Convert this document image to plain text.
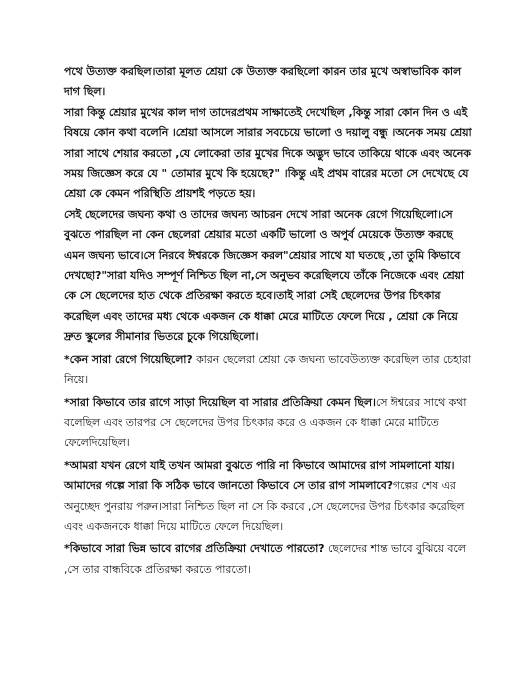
পথে উত্যক্ত করছিল।তারা মূলত শ্রেয়া কে উত্যক্ত করছিলো কারন তার মুখে অস্বাভাবিক কাল দাগ ছিল।

সারা কিন্তু শ্রেয়ার মুখের কাল দাগ তাদেরপ্রথম সাক্ষাতেই দেখেছিল ,কিন্তু সারা কোন দিন ও এই বিষয়ে কোন কথা বলেনি ।শ্রেয়া আসলে সারার সবচেয়ে ভালো ও দয়ালু বন্ধু ।অনেক সময় শ্রেয়া সারা সাথে শেয়ার করতো ,যে লোকেরা তার মুখের দিকে অদ্ভুদ ভাবে তাকিয়ে থাকে এবং অনেক সময় জিজ্ঞেস করে যে " তোমার মুখে কি হয়েছে?" ।কিন্তু এই প্রথম বারের মতো সে দেখেছে যে শ্রেয়া কে কেমন পরিস্থিতি প্রায়শই পড়তে হয়।

সেই ছেলেদের জঘন্য কথা ও তাদের জঘন্য আচরন দেখে সারা অনেক রেগে গিয়েছিলো।সে বুঝতে পারছিল না কেন ছেলেরা শ্রেয়ার মতো একটি ভালো ও অপুর্ব মেয়েকে উত্যক্ত করছে এমন জঘন্য ভাবে।সে নিরবে ঈশ্বরকে জিজ্ঞেস করল"শ্রেয়ার সাথে যা ঘতছে ,তা তুমি কিভাবে দেখছো?"সারা যদিও সম্পূর্ণ নিশ্চিত ছিল না,সে অনুভব করেছিলযে তাঁকে নিজেকে এবং শ্রেয়া কে সে ছেলেদের হাত থেকে প্রতিরক্ষা করতে হবে।তাই সারা সেই ছেলেদের উপর চিৎকার করেছিল এবং তাদের মধ্য থেকে একজন কে ধাক্কা মেরে মাটিতে ফেলে দিয়ে , শ্রেয়া কে নিয়ে দ্রুত স্কুলের সীমানার ভিতরে চুকে গিয়েছিলো।

*কেন সারা রেগে গিয়েছিলো? কারন ছেলেরা শ্রেয়া কে জঘন্য ভাবেউত্যক্ত করেছিল তার চেহারা নিয়ে।

*সারা কিভাবে তার রাগে সাড়া দিয়েছিল বা সারার প্রতিক্রিয়া কেমন ছিল।সে ঈশ্বরের সাথে কথা বলেছিল এবং তারপর সে ছেলেদের উপর চিৎকার করে ও একজন কে ধাক্কা মেরে মাটিতে ফেলেদিয়েছিল।

*আমরা যখন রেগে যাই তখন আমরা বুঝতে পারি না কিভাবে আমাদের রাগ সামলানো যায়।আমাদের গল্পে সারা কি সঠিক ভাবে জানতো কিভাবে সে তার রাগ সামলাবে?গল্পের শেষ এর অনুচ্ছেদ পুনরায় পরুন।সারা নিশ্চিত ছিল না সে কি করবে ,সে ছেলেদের উপর চিৎকার করেছিল এবং একজনকে ধাক্কা দিয়ে মাটিতে ফেলে দিয়েছিল।

*কিভাবে সারা ভিন্ন ভাবে রাগের প্রতিক্রিয়া দেখাতে পারতো? ছেলেদের শান্ত ভাবে বুঝিয়ে বলে ,সে তার বান্ধবিকে প্রতিরক্ষা করতে পারতো।
